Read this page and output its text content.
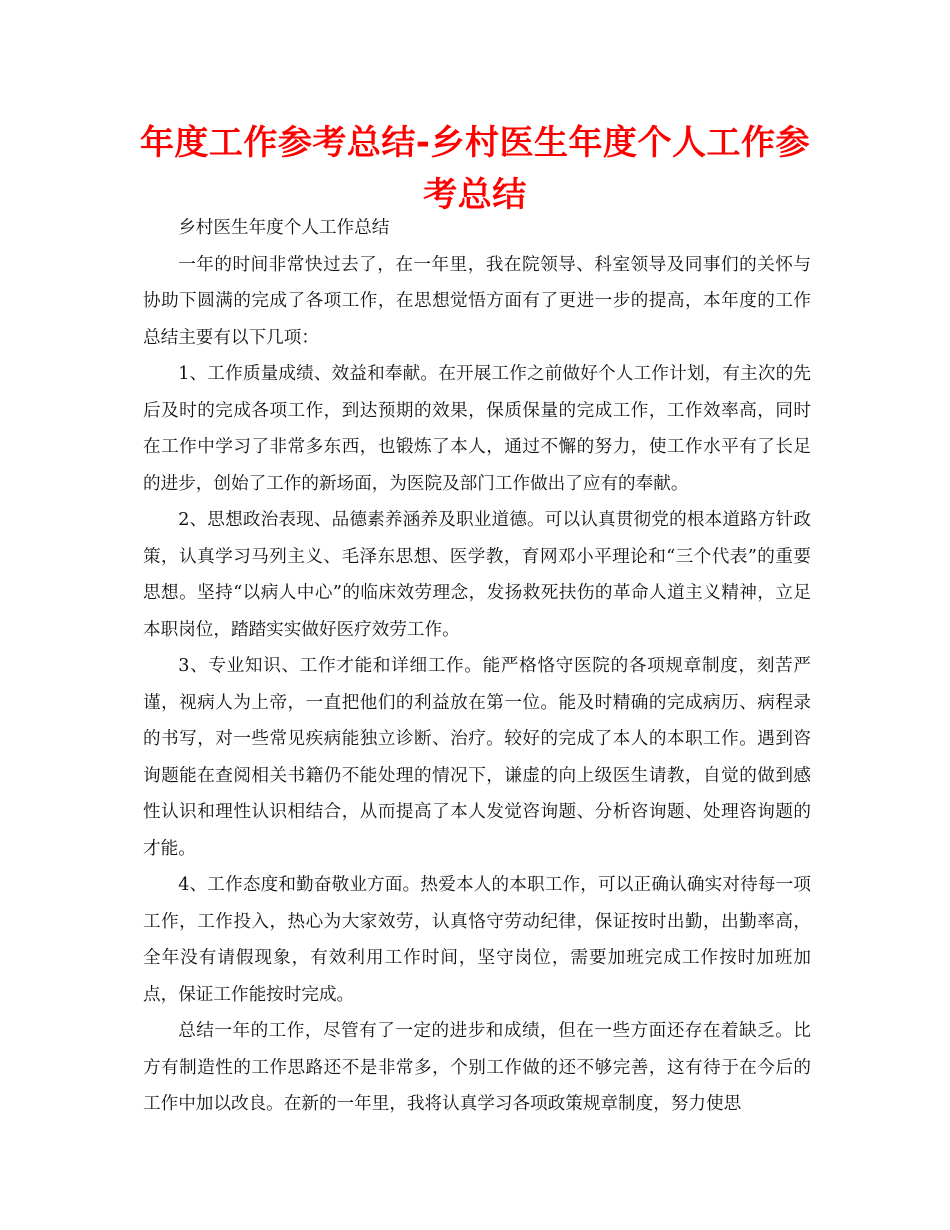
年度工作参考总结-乡村医生年度个人工作参考总结

乡村医生年度个人工作总结

一年的时间非常快过去了，在一年里，我在院领导、科室领导及同事们的关怀与协助下圆满的完成了各项工作，在思想觉悟方面有了更进一步的提高，本年度的工作总结主要有以下几项：

1、工作质量成绩、效益和奉献。在开展工作之前做好个人工作计划，有主次的先后及时的完成各项工作，到达预期的效果，保质保量的完成工作，工作效率高，同时在工作中学习了非常多东西，也锻炼了本人，通过不懈的努力，使工作水平有了长足的进步，创始了工作的新场面，为医院及部门工作做出了应有的奉献。

2、思想政治表现、品德素养涵养及职业道德。可以认真贯彻党的根本道路方针政策，认真学习马列主义、毛泽东思想、医学教，育网邓小平理论和“三个代表”的重要思想。坚持“以病人中心”的临床效劳理念，发扬救死扶伤的革命人道主义精神，立足本职岗位，踏踏实实做好医疗效劳工作。

3、专业知识、工作才能和详细工作。能严格恪守医院的各项规章制度，刻苦严谨，视病人为上帝，一直把他们的利益放在第一位。能及时精确的完成病历、病程录的书写，对一些常见疾病能独立诊断、治疗。较好的完成了本人的本职工作。遇到咨询题能在查阅相关书籍仍不能处理的情况下，谦虚的向上级医生请教，自觉的做到感性认识和理性认识相结合，从而提高了本人发觉咨询题、分析咨询题、处理咨询题的才能。

4、工作态度和勤奋敬业方面。热爱本人的本职工作，可以正确认确实对待每一项工作，工作投入，热心为大家效劳，认真恪守劳动纪律，保证按时出勤，出勤率高，全年没有请假现象，有效利用工作时间，坚守岗位，需要加班完成工作按时加班加点，保证工作能按时完成。

总结一年的工作，尽管有了一定的进步和成绩，但在一些方面还存在着缺乏。比方有制造性的工作思路还不是非常多，个别工作做的还不够完善，这有待于在今后的工作中加以改良。在新的一年里，我将认真学习各项政策规章制度，努力使思
